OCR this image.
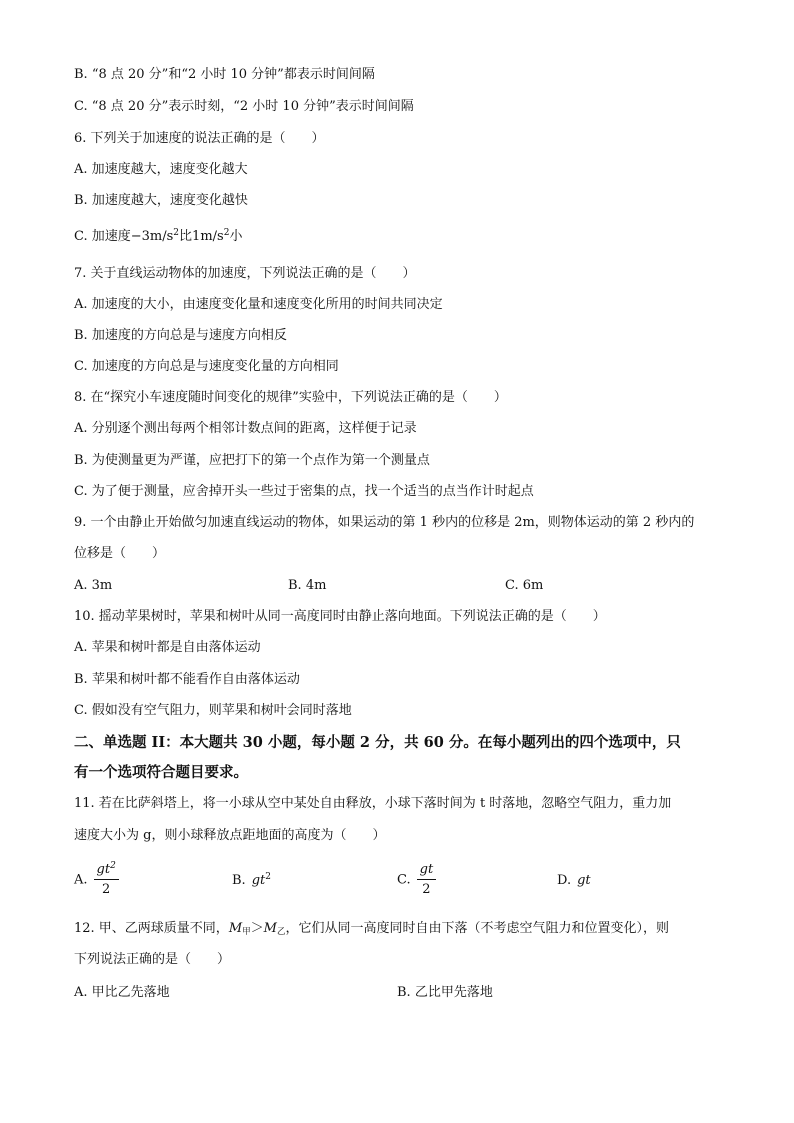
B. “8 点 20 分”和“2 小时 10 分钟”都表示时间间隔
C. “8 点 20 分”表示时刻，“2 小时 10 分钟”表示时间间隔
6. 下列关于加速度的说法正确的是（　　）
A. 加速度越大，速度变化越大
B. 加速度越大，速度变化越快
C. 加速度$-3m/s^2$比$1m/s^2$小
7. 关于直线运动物体的加速度，下列说法正确的是（　　）
A. 加速度的大小，由速度变化量和速度变化所用的时间共同决定
B. 加速度的方向总是与速度方向相反
C. 加速度的方向总是与速度变化量的方向相同
8. 在“探究小车速度随时间变化的规律”实验中，下列说法正确的是（　　）
A. 分别逐个测出每两个相邻计数点间的距离，这样便于记录
B. 为使测量更为严谨，应把打下的第一个点作为第一个测量点
C. 为了便于测量，应舍掉开头一些过于密集的点，找一个适当的点当作计时起点
9. 一个由静止开始做匀加速直线运动的物体，如果运动的第 1 秒内的位移是 2m，则物体运动的第 2 秒内的
位移是（　　）
A. 3m	B. 4m	C. 6m
10. 摇动苹果树时，苹果和树叶从同一高度同时由静止落向地面。下列说法正确的是（　　）
A. 苹果和树叶都是自由落体运动
B. 苹果和树叶都不能看作自由落体运动
C. 假如没有空气阻力，则苹果和树叶会同时落地
二、单选题 II：本大题共 30 小题，每小题 2 分，共 60 分。在每小题列出的四个选项中，只
有一个选项符合题目要求。
11. 若在比萨斜塔上，将一小球从空中某处自由释放，小球下落时间为 t 时落地，忽略空气阻力，重力加
速度大小为 g，则小球释放点距地面的高度为（　　）
A. $\frac{gt^2}{2}$	B. $gt^2$	C. $\frac{gt}{2}$	D. gt
12. 甲、乙两球质量不同，$M_甲>M_乙$，它们从同一高度同时自由下落（不考虑空气阻力和位置变化），则
下列说法正确的是（　　）
A. 甲比乙先落地	B. 乙比甲先落地
